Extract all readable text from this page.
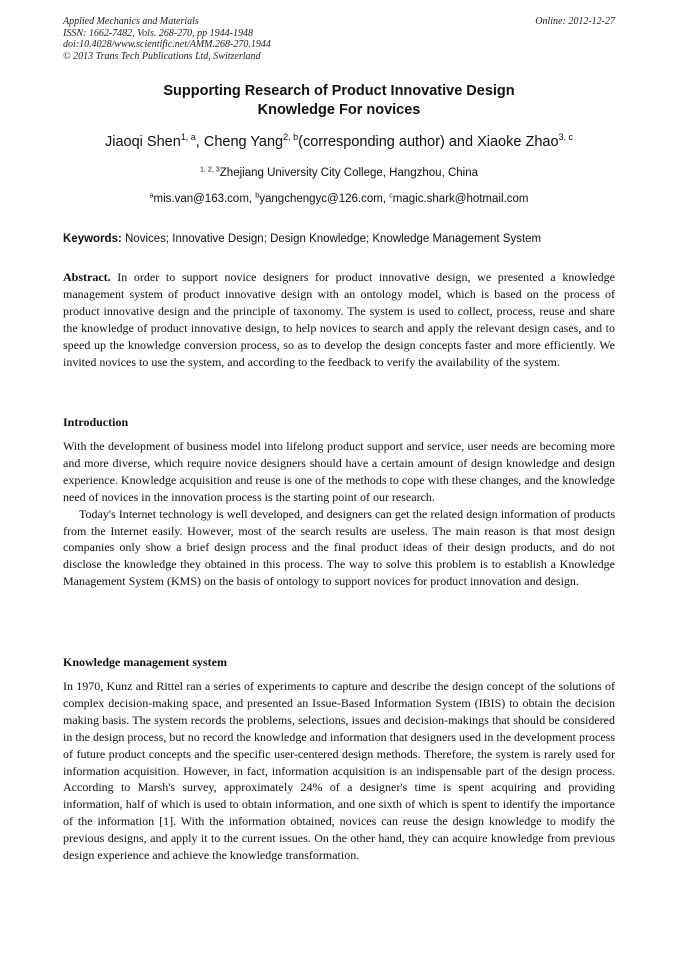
Applied Mechanics and Materials
ISSN: 1662-7482, Vols. 268-270, pp 1944-1948
doi:10.4028/www.scientific.net/AMM.268-270.1944
© 2013 Trans Tech Publications Ltd, Switzerland
Online: 2012-12-27
Supporting Research of Product Innovative Design
Knowledge For novices
Jiaoqi Shen$^{1, a}$, Cheng Yang$^{2, b}$(corresponding author) and Xiaoke Zhao$^{3, c}$
$^{1, 2, 3}$Zhejiang University City College, Hangzhou, China
$^a$mis.van@163.com, $^b$yangchengyc@126.com, $^c$magic.shark@hotmail.com
Keywords: Novices; Innovative Design; Design Knowledge; Knowledge Management System

Abstract. In order to support novice designers for product innovative design, we presented a knowledge management system of product innovative design with an ontology model, which is based on the process of product innovative design and the principle of taxonomy. The system is used to collect, process, reuse and share the knowledge of product innovative design, to help novices to search and apply the relevant design cases, and to speed up the knowledge conversion process, so as to develop the design concepts faster and more efficiently. We invited novices to use the system, and according to the feedback to verify the availability of the system.

Introduction

With the development of business model into lifelong product support and service, user needs are becoming more and more diverse, which require novice designers should have a certain amount of design knowledge and design experience. Knowledge acquisition and reuse is one of the methods to cope with these changes, and the knowledge need of novices in the innovation process is the starting point of our research.

Today's Internet technology is well developed, and designers can get the related design information of products from the Internet easily. However, most of the search results are useless. The main reason is that most design companies only show a brief design process and the final product ideas of their design products, and do not disclose the knowledge they obtained in this process. The way to solve this problem is to establish a Knowledge Management System (KMS) on the basis of ontology to support novices for product innovation and design.

Knowledge management system

In 1970, Kunz and Rittel ran a series of experiments to capture and describe the design concept of the solutions of complex decision-making space, and presented an Issue-Based Information System (IBIS) to obtain the decision making basis. The system records the problems, selections, issues and decision-makings that should be considered in the design process, but no record the knowledge and information that designers used in the development process of future product concepts and the specific user-centered design methods. Therefore, the system is rarely used for information acquisition. However, in fact, information acquisition is an indispensable part of the design process. According to Marsh's survey, approximately 24% of a designer's time is spent acquiring and providing information, half of which is used to obtain information, and one sixth of which is spent to identify the importance of the information [1]. With the information obtained, novices can reuse the design knowledge to modify the previous designs, and apply it to the current issues. On the other hand, they can acquire knowledge from previous design experience and achieve the knowledge transformation.
